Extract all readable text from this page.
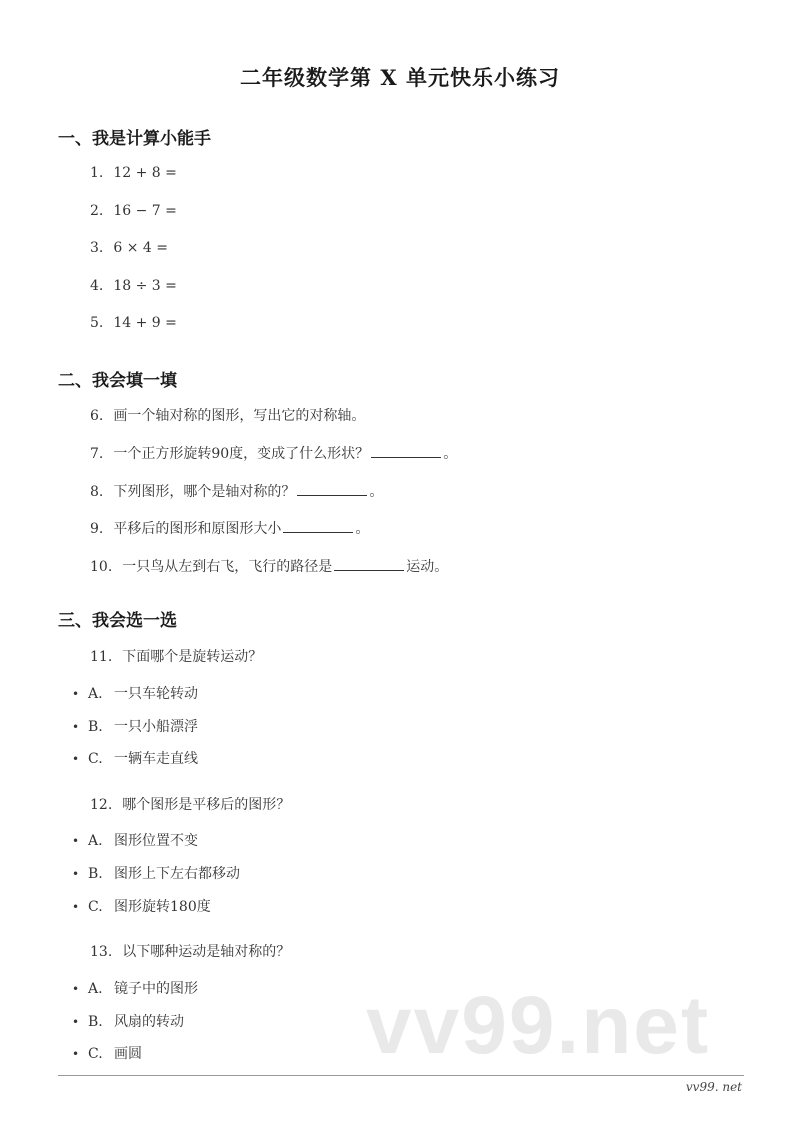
二年级数学第 X 单元快乐小练习
一、我是计算小能手
1. 12 + 8 =
2. 16 − 7 =
3. 6 × 4 =
4. 18 ÷ 3 =
5. 14 + 9 =
二、我会填一填
6. 画一个轴对称的图形，写出它的对称轴。
7. 一个正方形旋转90度，变成了什么形状？	。
8. 下列图形，哪个是轴对称的？	。
9. 平移后的图形和原图形大小	。
10. 一只鸟从左到右飞，飞行的路径是	运动。
三、我会选一选
11. 下面哪个是旋转运动？
• A. 一只车轮转动
• B. 一只小船漂浮
• C. 一辆车走直线
12. 哪个图形是平移后的图形？
• A. 图形位置不变
• B. 图形上下左右都移动
• C. 图形旋转180度
13. 以下哪种运动是轴对称的？
• A. 镜子中的图形
• B. 风扇的转动
• C. 画圆	vv99.net
vv99. net
